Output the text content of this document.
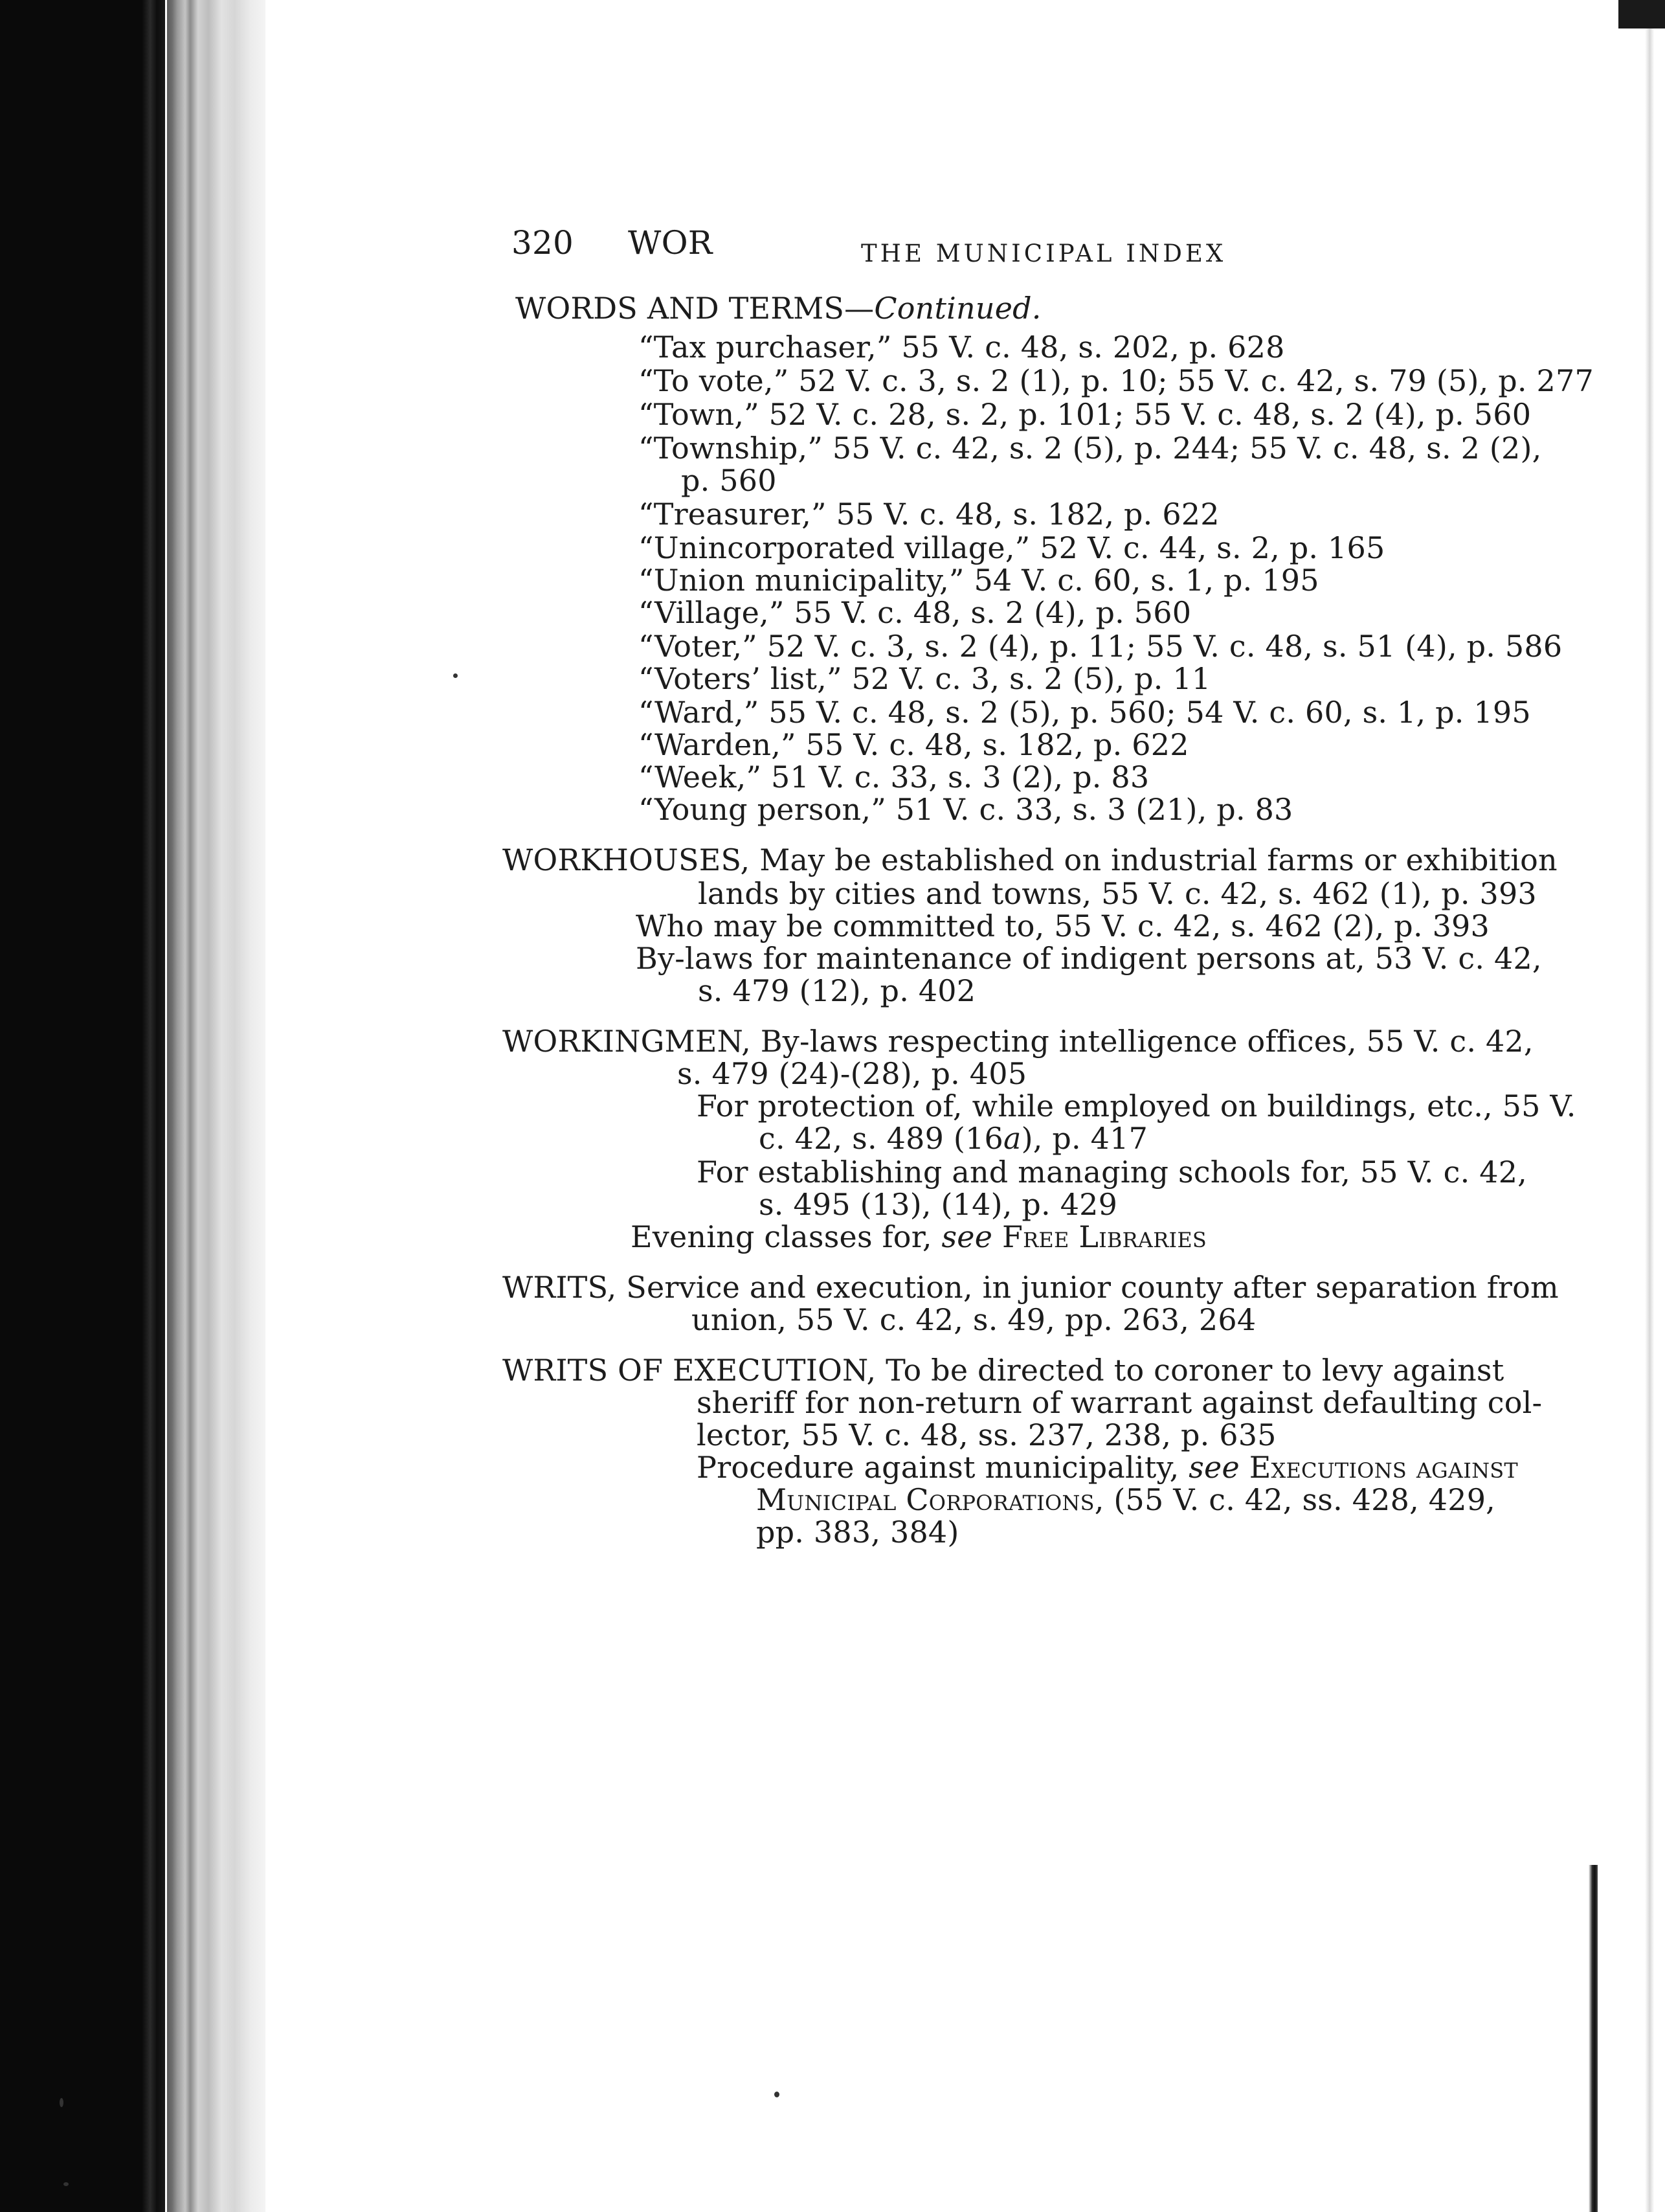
320 WOR	THE MUNICIPAL INDEX
WORDS AND TERMS—Continued.
“Tax purchaser,” 55 V. c. 48, s. 202, p. 628
“To vote,” 52 V. c. 3, s. 2 (1), p. 10; 55 V. c. 42, s. 79 (5), p. 277
“Town,” 52 V. c. 28, s. 2, p. 101; 55 V. c. 48, s. 2 (4), p. 560
“Township,” 55 V. c. 42, s. 2 (5), p. 244; 55 V. c. 48, s. 2 (2),
p. 560
“Treasurer,” 55 V. c. 48, s. 182, p. 622
“Unincorporated village,” 52 V. c. 44, s. 2, p. 165
“Union municipality,” 54 V. c. 60, s. 1, p. 195
“Village,” 55 V. c. 48, s. 2 (4), p. 560
“Voter,” 52 V. c. 3, s. 2 (4), p. 11; 55 V. c. 48, s. 51 (4), p. 586
“Voters’ list,” 52 V. c. 3, s. 2 (5), p. 11
“Ward,” 55 V. c. 48, s. 2 (5), p. 560; 54 V. c. 60, s. 1, p. 195
“Warden,” 55 V. c. 48, s. 182, p. 622
“Week,” 51 V. c. 33, s. 3 (2), p. 83
“Young person,” 51 V. c. 33, s. 3 (21), p. 83
WORKHOUSES, May be established on industrial farms or exhibition
lands by cities and towns, 55 V. c. 42, s. 462 (1), p. 393
Who may be committed to, 55 V. c. 42, s. 462 (2), p. 393
By-laws for maintenance of indigent persons at, 53 V. c. 42,
s. 479 (12), p. 402
WORKINGMEN, By-laws respecting intelligence offices, 55 V. c. 42,
s. 479 (24)-(28), p. 405
For protection of, while employed on buildings, etc., 55 V.
c. 42, s. 489 (16a), p. 417
For establishing and managing schools for, 55 V. c. 42,
s. 495 (13), (14), p. 429
Evening classes for, see Free Libraries
WRITS, Service and execution, in junior county after separation from
union, 55 V. c. 42, s. 49, pp. 263, 264
WRITS OF EXECUTION, To be directed to coroner to levy against
sheriff for non-return of warrant against defaulting col-
lector, 55 V. c. 48, ss. 237, 238, p. 635
Procedure against municipality, see Executions against
Municipal Corporations, (55 V. c. 42, ss. 428, 429,
pp. 383, 384)
